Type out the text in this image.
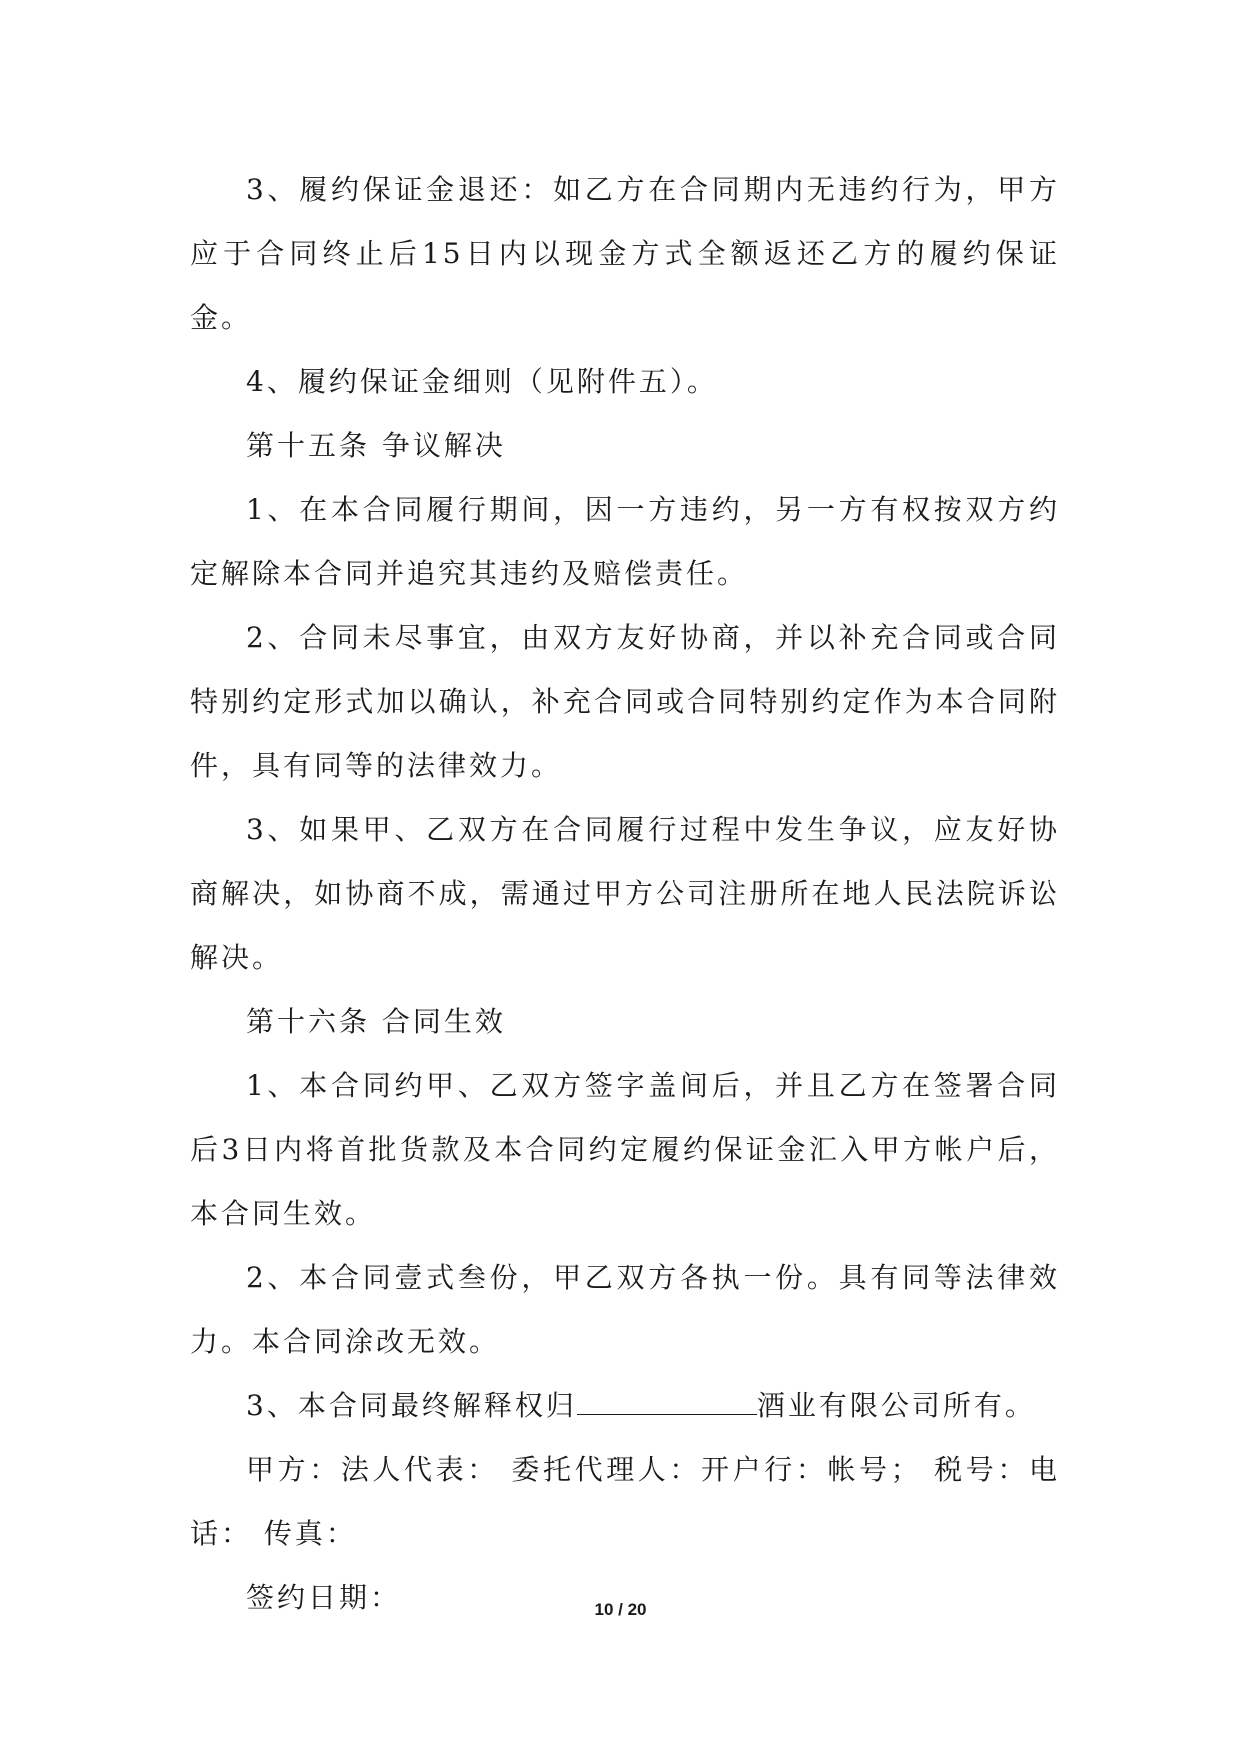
3、履约保证金退还：如乙方在合同期内无违约行为，甲方应于合同终止后15日内以现金方式全额返还乙方的履约保证金。

4、履约保证金细则（见附件五）。

第十五条 争议解决

1、在本合同履行期间，因一方违约，另一方有权按双方约定解除本合同并追究其违约及赔偿责任。

2、合同未尽事宜，由双方友好协商，并以补充合同或合同特别约定形式加以确认，补充合同或合同特别约定作为本合同附件，具有同等的法律效力。

3、如果甲、乙双方在合同履行过程中发生争议，应友好协商解决，如协商不成，需通过甲方公司注册所在地人民法院诉讼解决。

第十六条 合同生效

1、本合同约甲、乙双方签字盖间后，并且乙方在签署合同后3日内将首批货款及本合同约定履约保证金汇入甲方帐户后，本合同生效。

2、本合同壹式叁份，甲乙双方各执一份。具有同等法律效力。本合同涂改无效。

3、本合同最终解释权归	酒业有限公司所有。

甲方：法人代表： 委托代理人：开户行：帐号； 税号：电话： 传真：

签约日期：	10 / 20
